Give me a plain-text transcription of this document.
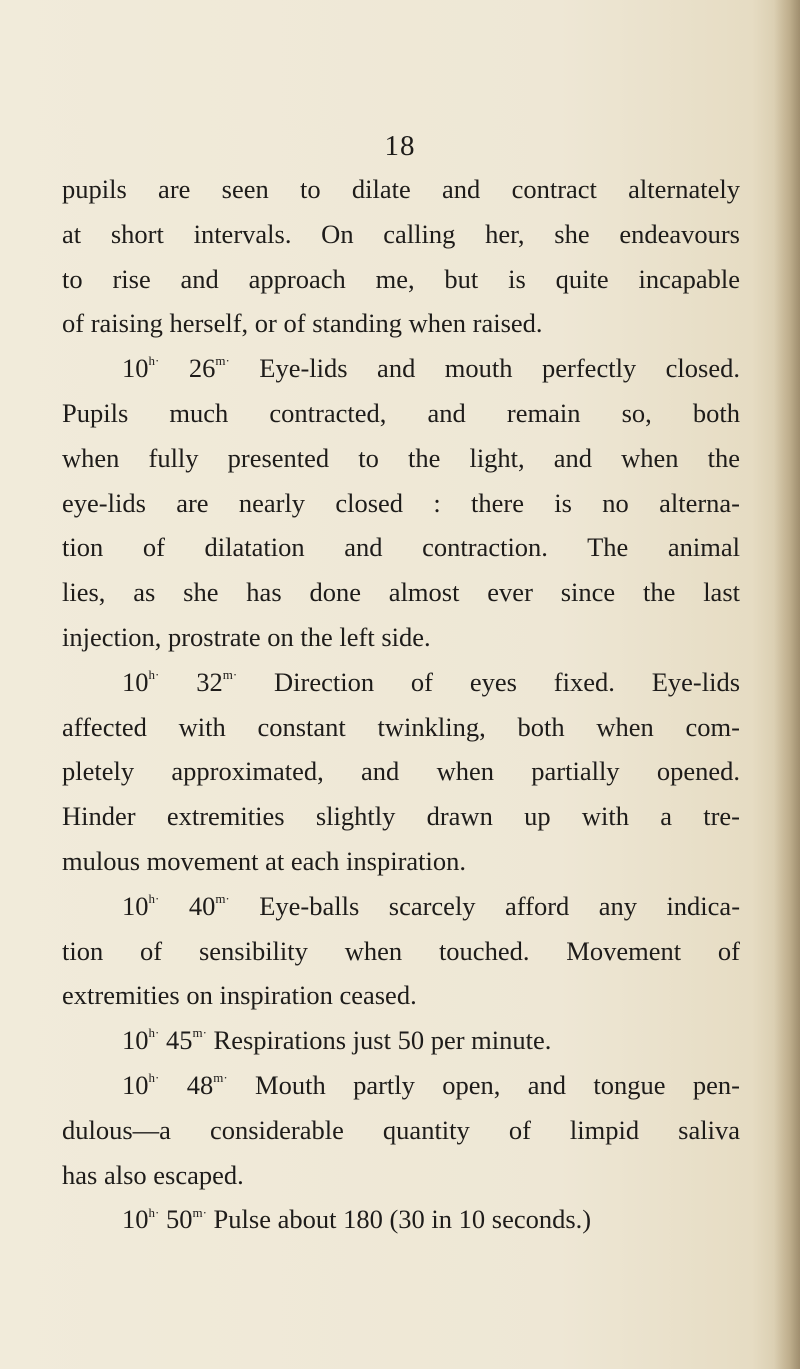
18
pupils are seen to dilate and contract alternately
at short intervals. On calling her, she endeavours
to rise and approach me, but is quite incapable
of raising herself, or of standing when raised.
$10^{h\cdot}$ $26^{m\cdot}$ Eye-lids and mouth perfectly closed.
Pupils much contracted, and remain so, both
when fully presented to the light, and when the
eye-lids are nearly closed : there is no alterna-
tion of dilatation and contraction. The animal
lies, as she has done almost ever since the last
injection, prostrate on the left side.
$10^{h\cdot}$ $32^{m\cdot}$ Direction of eyes fixed. Eye-lids
affected with constant twinkling, both when com-
pletely approximated, and when partially opened.
Hinder extremities slightly drawn up with a tre-
mulous movement at each inspiration.
$10^{h\cdot}$ $40^{m\cdot}$ Eye-balls scarcely afford any indica-
tion of sensibility when touched. Movement of
extremities on inspiration ceased.
$10^{h\cdot}$ $45^{m\cdot}$ Respirations just 50 per minute.
$10^{h\cdot}$ $48^{m\cdot}$ Mouth partly open, and tongue pen-
dulous—a considerable quantity of limpid saliva
has also escaped.
$10^{h\cdot}$ $50^{m\cdot}$ Pulse about 180 (30 in 10 seconds.)
